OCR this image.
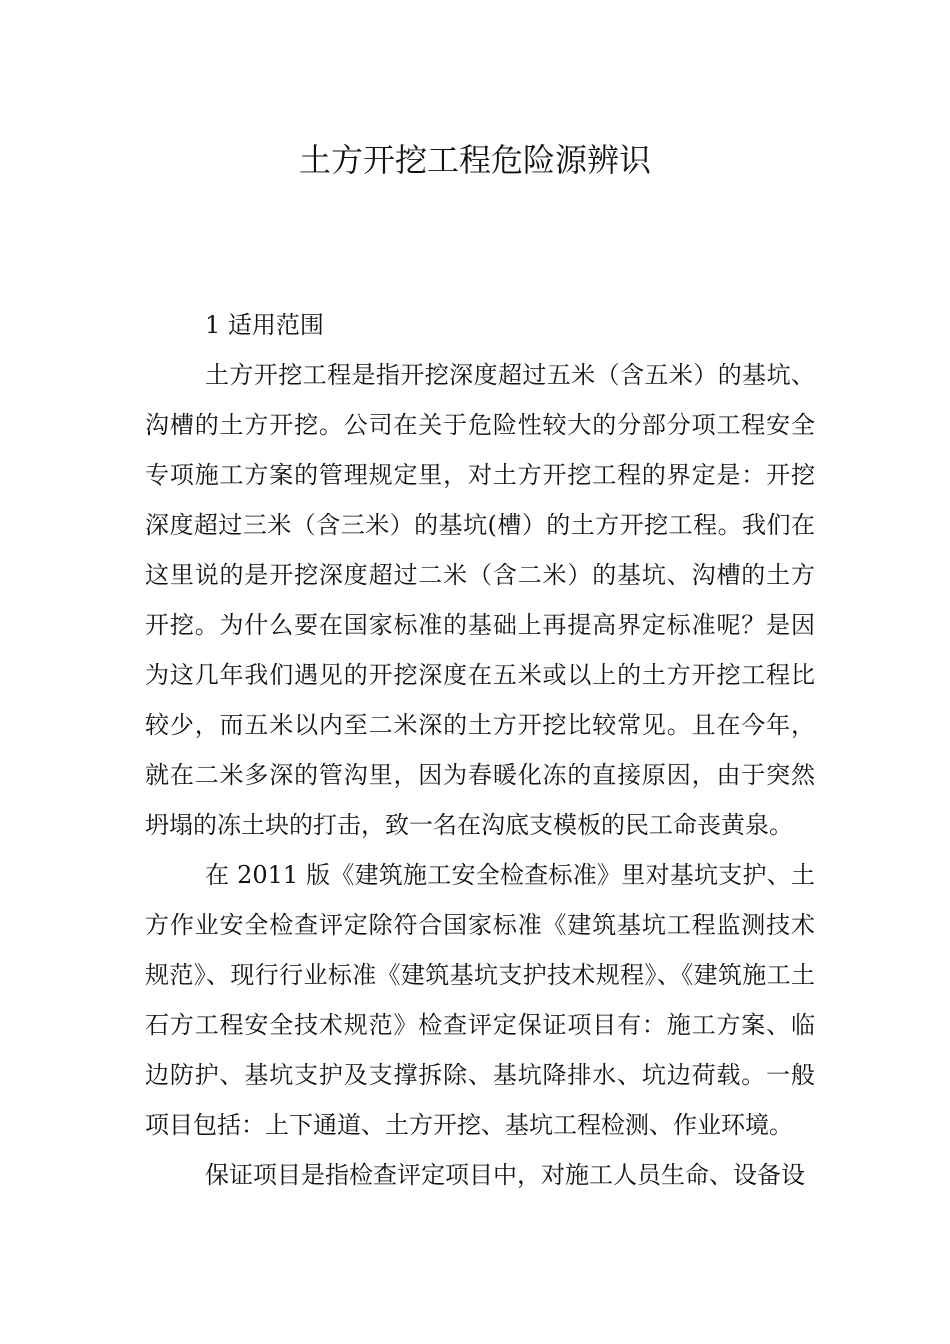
土方开挖工程危险源辨识

1 适用范围

土方开挖工程是指开挖深度超过五米（含五米）的基坑、沟槽的土方开挖。公司在关于危险性较大的分部分项工程安全专项施工方案的管理规定里，对土方开挖工程的界定是：开挖深度超过三米（含三米）的基坑(槽）的土方开挖工程。我们在这里说的是开挖深度超过二米（含二米）的基坑、沟槽的土方开挖。为什么要在国家标准的基础上再提高界定标准呢？是因为这几年我们遇见的开挖深度在五米或以上的土方开挖工程比较少，而五米以内至二米深的土方开挖比较常见。且在今年，就在二米多深的管沟里，因为春暖化冻的直接原因，由于突然坍塌的冻土块的打击，致一名在沟底支模板的民工命丧黄泉。

在 2011 版《建筑施工安全检查标准》里对基坑支护、土方作业安全检查评定除符合国家标准《建筑基坑工程监测技术规范》、现行行业标准《建筑基坑支护技术规程》、《建筑施工土石方工程安全技术规范》检查评定保证项目有：施工方案、临边防护、基坑支护及支撑拆除、基坑降排水、坑边荷载。一般项目包括：上下通道、土方开挖、基坑工程检测、作业环境。

保证项目是指检查评定项目中，对施工人员生命、设备设
